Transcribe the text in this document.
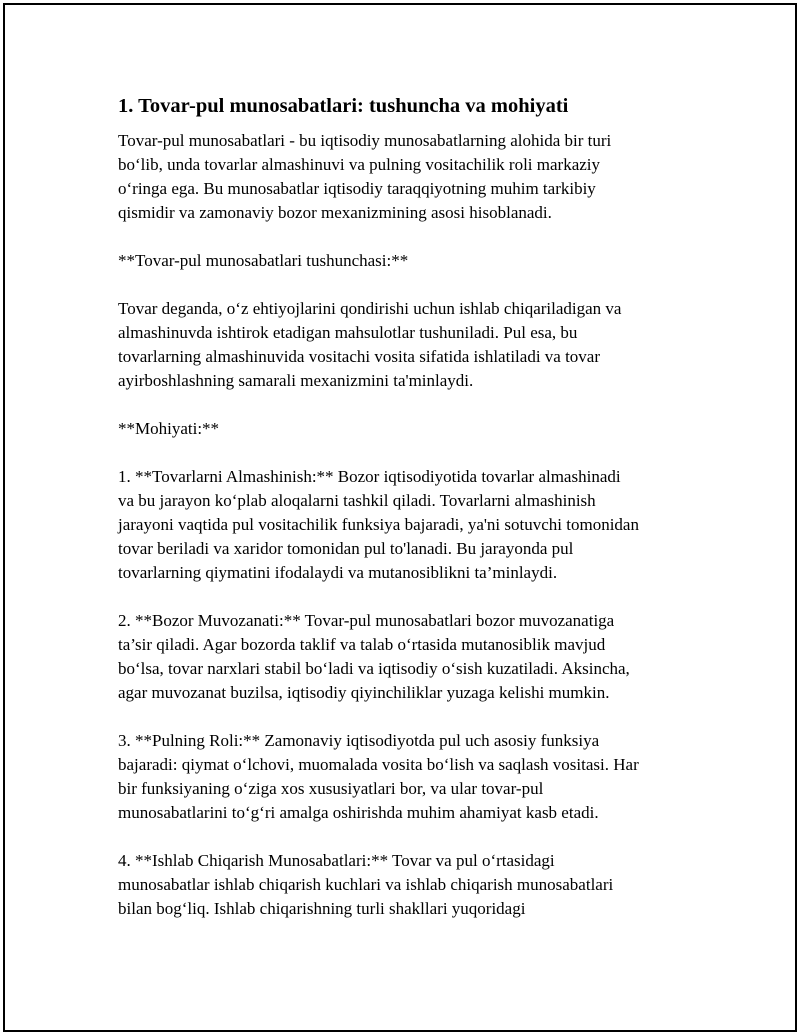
1. Tovar-pul munosabatlari: tushuncha va mohiyati
Tovar-pul munosabatlari - bu iqtisodiy munosabatlarning alohida bir turi
bo‘lib, unda tovarlar almashinuvi va pulning vositachilik roli markaziy
o‘ringa ega. Bu munosabatlar iqtisodiy taraqqiyotning muhim tarkibiy
qismidir va zamonaviy bozor mexanizmining asosi hisoblanadi.
**Tovar-pul munosabatlari tushunchasi:**
Tovar deganda, o‘z ehtiyojlarini qondirishi uchun ishlab chiqariladigan va
almashinuvda ishtirok etadigan mahsulotlar tushuniladi. Pul esa, bu
tovarlarning almashinuvida vositachi vosita sifatida ishlatiladi va tovar
ayirboshlashning samarali mexanizmini ta'minlaydi.
**Mohiyati:**
1. **Tovarlarni Almashinish:** Bozor iqtisodiyotida tovarlar almashinadi
va bu jarayon ko‘plab aloqalarni tashkil qiladi. Tovarlarni almashinish
jarayoni vaqtida pul vositachilik funksiya bajaradi, ya'ni sotuvchi tomonidan
tovar beriladi va xaridor tomonidan pul to'lanadi. Bu jarayonda pul
tovarlarning qiymatini ifodalaydi va mutanosiblikni ta’minlaydi.
2. **Bozor Muvozanati:** Tovar-pul munosabatlari bozor muvozanatiga
ta’sir qiladi. Agar bozorda taklif va talab o‘rtasida mutanosiblik mavjud
bo‘lsa, tovar narxlari stabil bo‘ladi va iqtisodiy o‘sish kuzatiladi. Aksincha,
agar muvozanat buzilsa, iqtisodiy qiyinchiliklar yuzaga kelishi mumkin.
3. **Pulning Roli:** Zamonaviy iqtisodiyotda pul uch asosiy funksiya
bajaradi: qiymat o‘lchovi, muomalada vosita bo‘lish va saqlash vositasi. Har
bir funksiyaning o‘ziga xos xususiyatlari bor, va ular tovar-pul
munosabatlarini to‘g‘ri amalga oshirishda muhim ahamiyat kasb etadi.
4. **Ishlab Chiqarish Munosabatlari:** Tovar va pul o‘rtasidagi
munosabatlar ishlab chiqarish kuchlari va ishlab chiqarish munosabatlari
bilan bog‘liq. Ishlab chiqarishning turli shakllari yuqoridagi
